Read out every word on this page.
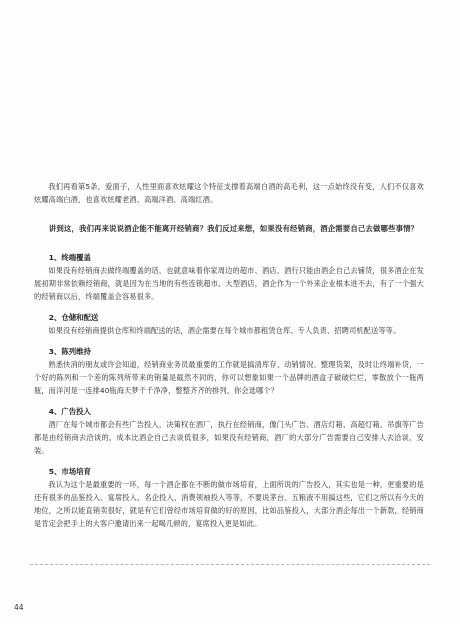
我们再看第5条，爱面子，人性里面喜欢炫耀这个特征支撑着高端白酒的高毛利，这一点始终没有变，人们不仅喜欢炫耀高端白酒，也喜欢炫耀老酒、高端洋酒、高端红酒。

讲到这，我们再来说说酒企能不能离开经销商？我们反过来想，如果没有经销商，酒企需要自己去做哪些事情？

1、终端覆盖

如果没有经销商去做终端覆盖的话，也就意味着你家周边的超市、酒店、酒行只能由酒企自己去铺货，很多酒企在发展初期非常依赖经销商，就是因为在当地的有些连锁超市、大型酒店，酒企作为一个外来企业根本进不去，有了一个强大的经销商以后，终端覆盖会容易很多。

2、仓储和配送

如果没有经销商提供仓库和终端配送的话，酒企需要在每个城市都租赁仓库、专人负责、招聘司机配送等等。

3、陈列维持

熟悉快消的朋友或许会知道，经销商业务员最重要的工作就是搞清库存、动销情况、整理货架，及时让终端补货，一个好的陈列和一个差的陈列所带来的销量是截然不同的，你可以想象如果一个品牌的酒盒子破破烂烂，零散放个一瓶两瓶，而洋河是一连排40瓶海天梦千千净净，整整齐齐的排列，你会选哪个？

4、广告投入

酒厂在每个城市都会有些广告投入，决策权在酒厂，执行在经销商，像门头广告、酒店灯箱、高超灯箱、吊旗等广告都是由经销商去洽谈的，成本比酒企自己去谈低很多，如果没有经销商，酒厂的大部分广告需要自己安排人去洽谈、安装。

5、市场培育

我认为这个是最重要的一环，每一个酒企都在不断的做市场培育，上面所说的广告投入，其实也是一种，更重要的是还有很多的品鉴投入、宴席投入、名企投入、消费领袖投入等等，不要说茅台、五粮液不用搞这些，它们之所以有今天的地位，之所以能直销卖很好，就是有它们曾经市场培育做的好的原因，比如品鉴投入，大部分酒企每出一个新款，经销商是肯定会把手上的大客户邀请出来一起喝几顿的，宴席投入更是如此。

44
